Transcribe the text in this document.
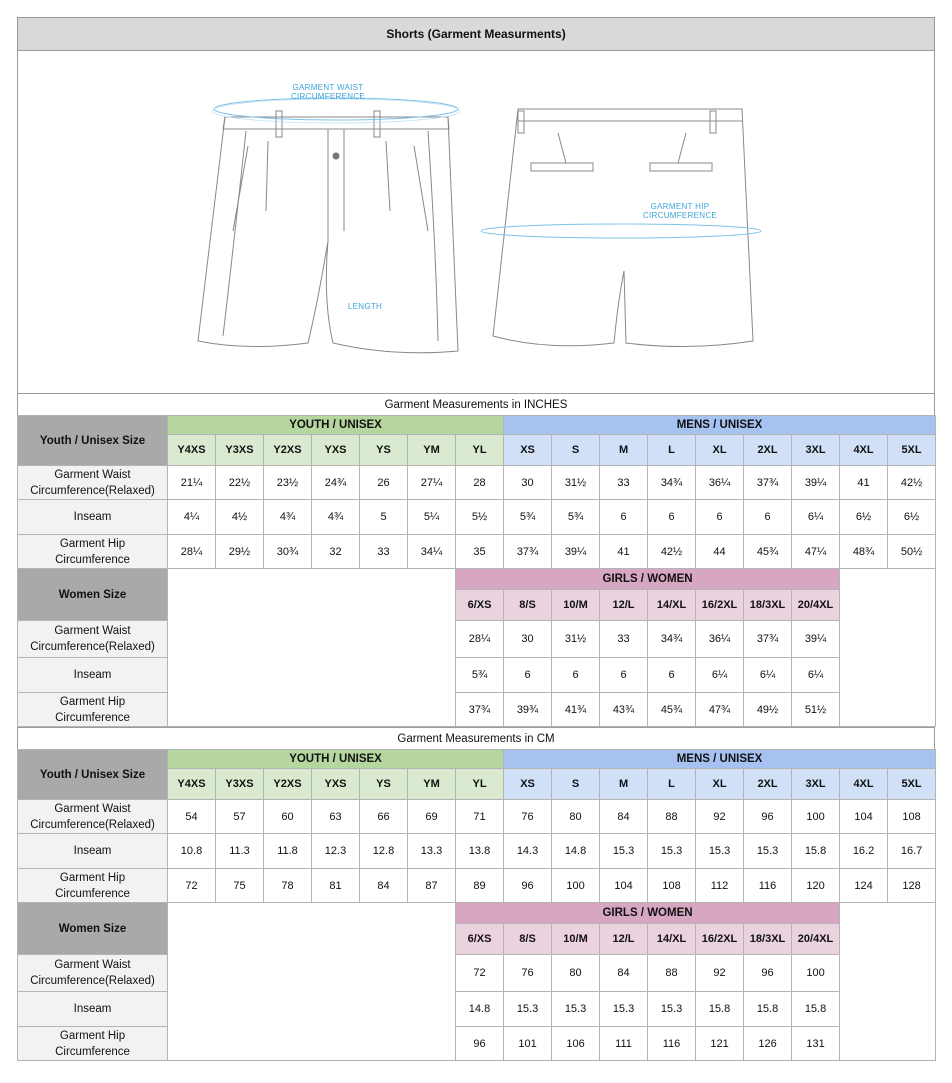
Shorts (Garment Measurments)
GARMENT WAIST
CIRCUMFERENCE
LENGTH
GARMENT HIP
CIRCUMFERENCE
Garment Measurements in INCHES
Youth / Unisex Size	YOUTH / UNISEX							MENS / UNISEX								
	Y4XS	Y3XS	Y2XS	YXS	YS	YM	YL	XS	S	M	L	XL	2XL	3XL	4XL	5XL

Garment Waist
Circumference(Relaxed)	21¼	22½	23½	24¾	26	27¼	28	30	31½	33	34¾	36¼	37¾	39¼	41	42½

Inseam	4¼	4½	4¾	4¾	5	5¼	5½	5¾	5¾	6	6	6	6	6¼	6½	6½

Garment Hip
Circumference	28¼	29½	30¾	32	33	34¼	35	37¾	39¼	41	42½	44	45¾	47¼	48¾	50½
Women Size							GIRLS / WOMEN									
							6/XS	8/S	10/M	12/L	14/XL	16/2XL	18/3XL	20/4XL		

Garment Waist
Circumference(Relaxed)							28¼	30	31½	33	34¾	36¼	37¾	39¼		

Inseam							5¾	6	6	6	6	6¼	6¼	6¼		

Garment Hip
Circumference							37¾	39¾	41¾	43¾	45¾	47¾	49½	51½		
Garment Measurements in CM
Youth / Unisex Size	YOUTH / UNISEX							MENS / UNISEX								
	Y4XS	Y3XS	Y2XS	YXS	YS	YM	YL	XS	S	M	L	XL	2XL	3XL	4XL	5XL

Garment Waist
Circumference(Relaxed)	54	57	60	63	66	69	71	76	80	84	88	92	96	100	104	108

Inseam	10.8	11.3	11.8	12.3	12.8	13.3	13.8	14.3	14.8	15.3	15.3	15.3	15.3	15.8	16.2	16.7

Garment Hip
Circumference	72	75	78	81	84	87	89	96	100	104	108	112	116	120	124	128
Women Size							GIRLS / WOMEN									
							6/XS	8/S	10/M	12/L	14/XL	16/2XL	18/3XL	20/4XL		

Garment Waist
Circumference(Relaxed)							72	76	80	84	88	92	96	100		

Inseam							14.8	15.3	15.3	15.3	15.3	15.8	15.8	15.8		

Garment Hip
Circumference							96	101	106	111	116	121	126	131		
